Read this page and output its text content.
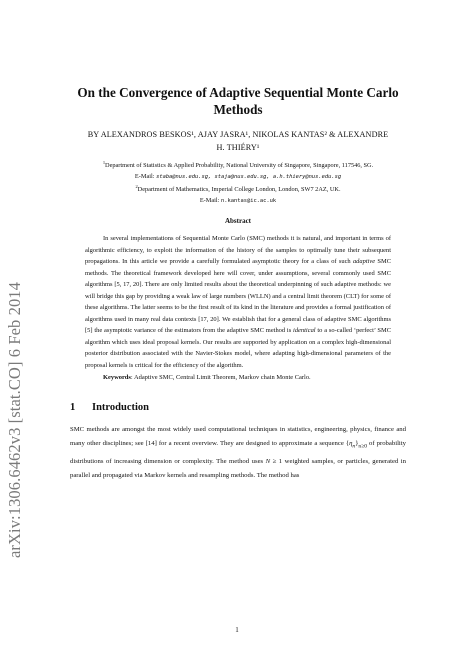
arXiv:1306.6462v3 [stat.CO] 6 Feb 2014
On the Convergence of Adaptive Sequential Monte Carlo Methods
BY ALEXANDROS BESKOS¹, AJAY JASRA¹, NIKOLAS KANTAS² & ALEXANDRE
H. THIÉRY¹
$^1$Department of Statistics & Applied Probability, National University of Singapore, Singapore, 117546, SG.
E-Mail: staba@nus.edu.sg, staja@nus.edu.sg, a.h.thiery@nus.edu.sg
$^2$Department of Mathematics, Imperial College London, London, SW7 2AZ, UK.
E-Mail: n.kantas@ic.ac.uk
Abstract
In several implementations of Sequential Monte Carlo (SMC) methods it is natural, and important in terms of algorithmic efficiency, to exploit the information of the history of the samples to optimally tune their subsequent propagations. In this article we provide a carefully formulated asymptotic theory for a class of such adaptive SMC methods. The theoretical framework developed here will cover, under assumptions, several commonly used SMC algorithms [5, 17, 20]. There are only limited results about the theoretical underpinning of such adaptive methods: we will bridge this gap by providing a weak law of large numbers (WLLN) and a central limit theorem (CLT) for some of these algorithms. The latter seems to be the first result of its kind in the literature and provides a formal justification of algorithms used in many real data contexts [17, 20]. We establish that for a general class of adaptive SMC algorithms [5] the asymptotic variance of the estimators from the adaptive SMC method is identical to a so-called ‘perfect’ SMC algorithm which uses ideal proposal kernels. Our results are supported by application on a complex high-dimensional posterior distribution associated with the Navier-Stokes model, where adapting high-dimensional parameters of the proposal kernels is critical for the efficiency of the algorithm.
Keywords: Adaptive SMC, Central Limit Theorem, Markov chain Monte Carlo.
1	Introduction
SMC methods are amongst the most widely used computational techniques in statistics, engineering, physics, finance and many other disciplines; see [14] for a recent overview. They are designed to approximate a sequence $\{\eta_n\}_{n\ge 0}$ of probability distributions of increasing dimension or complexity. The method uses N ≥ 1 weighted samples, or particles, generated in parallel and propagated via Markov kernels and resampling methods. The method has
1
